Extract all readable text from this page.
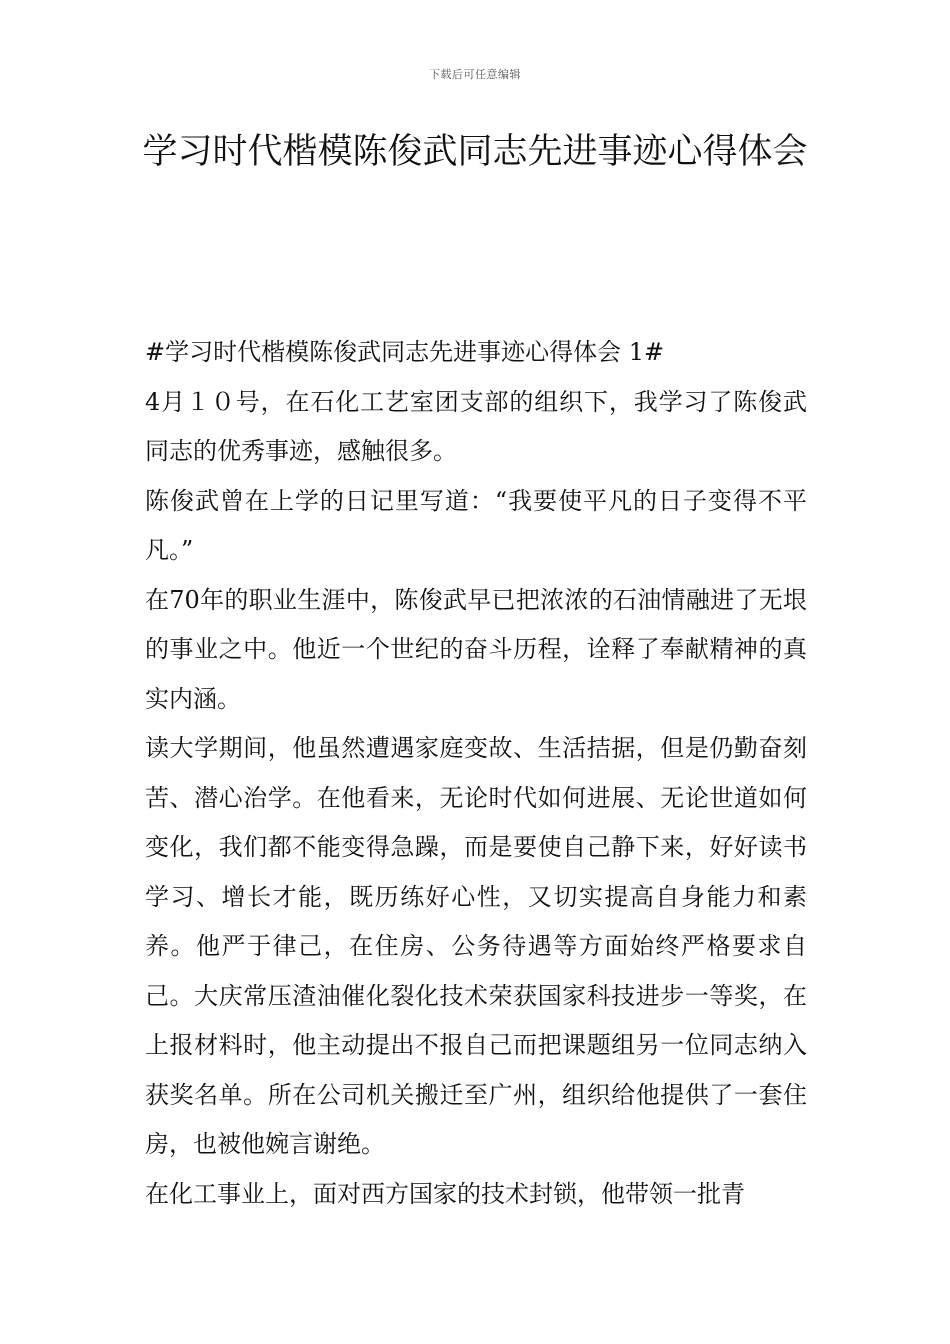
下载后可任意编辑
学习时代楷模陈俊武同志先进事迹心得体会

#学习时代楷模陈俊武同志先进事迹心得体会 1#

4月１０号，在石化工艺室团支部的组织下，我学习了陈俊武同志的优秀事迹，感触很多。

陈俊武曾在上学的日记里写道：“我要使平凡的日子变得不平凡。”

在70年的职业生涯中，陈俊武早已把浓浓的石油情融进了无垠的事业之中。他近一个世纪的奋斗历程，诠释了奉献精神的真实内涵。

读大学期间，他虽然遭遇家庭变故、生活拮据，但是仍勤奋刻苦、潜心治学。在他看来，无论时代如何进展、无论世道如何变化，我们都不能变得急躁，而是要使自己静下来，好好读书学习、增长才能，既历练好心性，又切实提高自身能力和素养。他严于律己，在住房、公务待遇等方面始终严格要求自己。大庆常压渣油催化裂化技术荣获国家科技进步一等奖，在上报材料时，他主动提出不报自己而把课题组另一位同志纳入获奖名单。所在公司机关搬迁至广州，组织给他提供了一套住房，也被他婉言谢绝。

在化工事业上，面对西方国家的技术封锁，他带领一批青
